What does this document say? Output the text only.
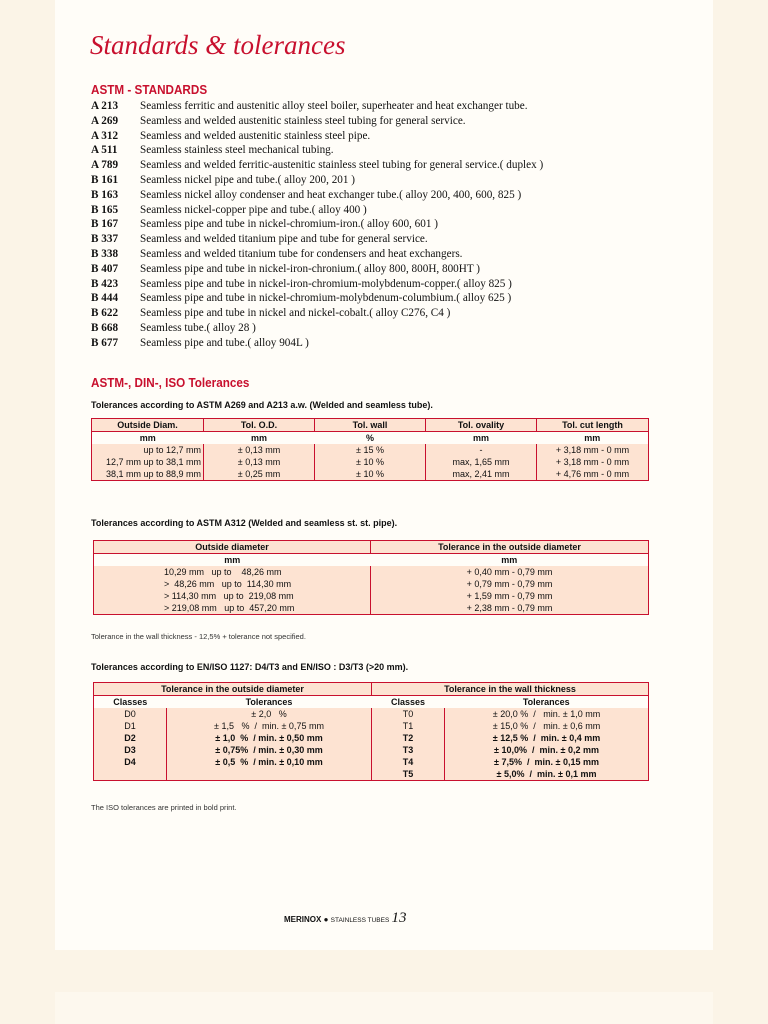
Standards & tolerances
ASTM - STANDARDS
A 213	Seamless ferritic and austenitic alloy steel boiler, superheater and heat exchanger tube.
A 269	Seamless and welded austenitic stainless steel tubing for general service.
A 312	Seamless and welded austenitic stainless steel pipe.
A 511	Seamless stainless steel mechanical tubing.
A 789	Seamless and welded ferritic-austenitic stainless steel tubing for general service.( duplex )
B 161	Seamless nickel pipe and tube.( alloy 200, 201 )
B 163	Seamless nickel alloy condenser and heat exchanger tube.( alloy 200, 400, 600, 825 )
B 165	Seamless nickel-copper pipe and tube.( alloy 400 )
B 167	Seamless pipe and tube in nickel-chromium-iron.( alloy 600, 601 )
B 337	Seamless and welded titanium pipe and tube for general service.
B 338	Seamless and welded titanium tube for condensers and heat exchangers.
B 407	Seamless pipe and tube in nickel-iron-chronium.( alloy 800, 800H, 800HT )
B 423	Seamless pipe and tube in nickel-iron-chromium-molybdenum-copper.( alloy 825 )
B 444	Seamless pipe and tube in nickel-chromium-molybdenum-columbium.( alloy 625 )
B 622	Seamless pipe and tube in nickel and nickel-cobalt.( alloy C276, C4 )
B 668	Seamless tube.( alloy 28 )
B 677	Seamless pipe and tube.( alloy 904L )
ASTM-, DIN-, ISO Tolerances

Tolerances according to ASTM A269 and A213 a.w. (Welded and seamless tube).

Outside Diam.	Tol. O.D.	Tol. wall	Tol. ovality	Tol. cut length
mm	mm	%	mm	mm
up to 12,7 mm	± 0,13 mm	± 15 %	-	+ 3,18 mm - 0 mm
12,7 mm up to 38,1 mm	± 0,13 mm	± 10 %	max, 1,65 mm	+ 3,18 mm - 0 mm
38,1 mm up to 88,9 mm	± 0,25 mm	± 10 %	max, 2,41 mm	+ 4,76 mm - 0 mm

Tolerances according to ASTM A312 (Welded and seamless st. st. pipe).

Outside diameter	Tolerance in the outside diameter
mm	mm
10,29 mm   up to    48,26 mm	+ 0,40 mm - 0,79 mm
>  48,26 mm   up to  114,30 mm	+ 0,79 mm - 0,79 mm
> 114,30 mm   up to  219,08 mm	+ 1,59 mm - 0,79 mm
> 219,08 mm   up to  457,20 mm	+ 2,38 mm - 0,79 mm

Tolerance in the wall thickness - 12,5% + tolerance not specified.

Tolerances according to EN/ISO 1127: D4/T3 and EN/ISO : D3/T3 (>20 mm).

Tolerance in the outside diameter		Tolerance in the wall thickness	
Classes	Tolerances	Classes	Tolerances
D0	± 2,0   %	T0	± 20,0 %  /   min. ± 1,0 mm
D1	± 1,5   %  /  min. ± 0,75 mm	T1	± 15,0 %  /   min. ± 0,6 mm
D2	± 1,0  %  / min. ± 0,50 mm	T2	± 12,5 %  /  min. ± 0,4 mm
D3	± 0,75%  / min. ± 0,30 mm	T3	± 10,0%  /  min. ± 0,2 mm
D4	± 0,5  %  / min. ± 0,10 mm	T4	± 7,5%  /  min. ± 0,15 mm
		T5	± 5,0%  /  min. ± 0,1 mm

The ISO tolerances are printed in bold print.

MERINOX ● STAINLESS TUBES 13
